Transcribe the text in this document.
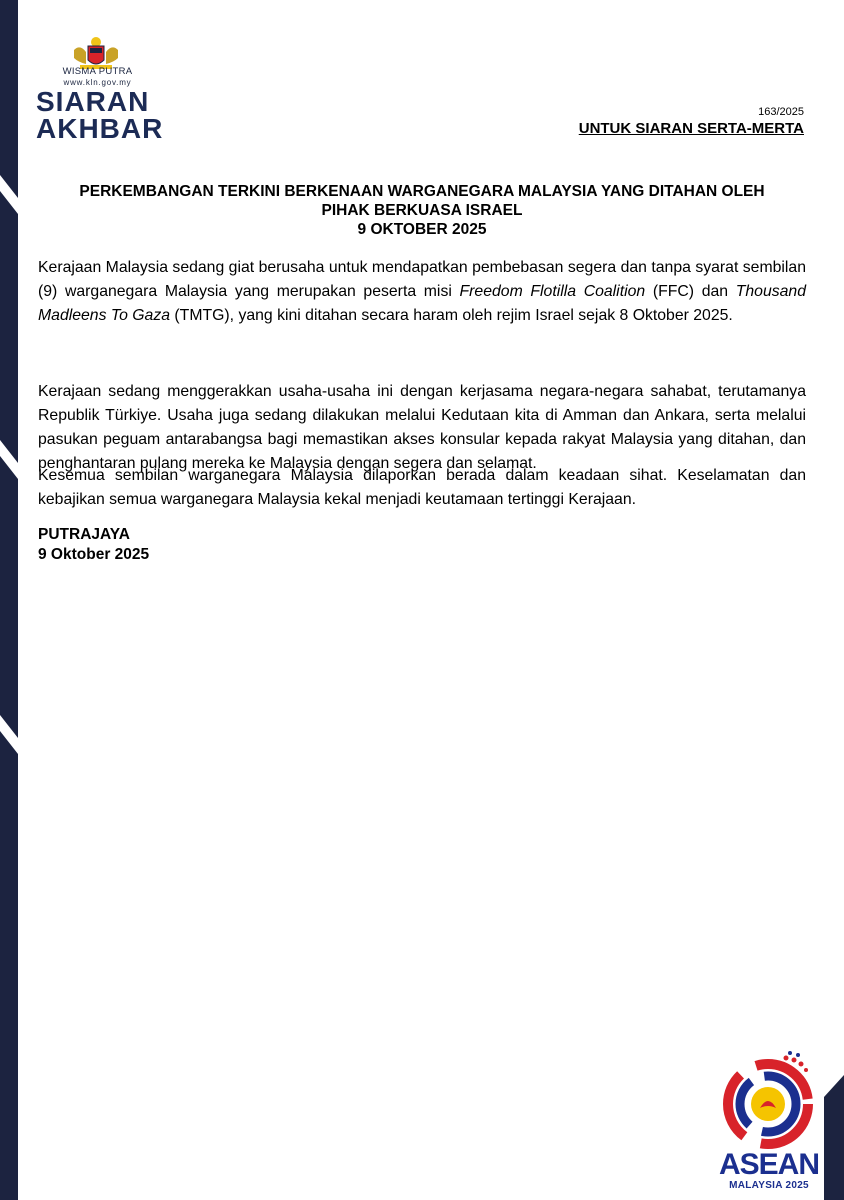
WISMA PUTRA
www.kln.gov.my
SIARAN
AKHBAR
163/2025
UNTUK SIARAN SERTA-MERTA
PERKEMBANGAN TERKINI BERKENAAN WARGANEGARA MALAYSIA YANG DITAHAN OLEH
PIHAK BERKUASA ISRAEL
9 OKTOBER 2025

Kerajaan Malaysia sedang giat berusaha untuk mendapatkan pembebasan segera dan tanpa syarat sembilan (9) warganegara Malaysia yang merupakan peserta misi Freedom Flotilla Coalition (FFC) dan Thousand Madleens To Gaza (TMTG), yang kini ditahan secara haram oleh rejim Israel sejak 8 Oktober 2025.

Kerajaan sedang menggerakkan usaha-usaha ini dengan kerjasama negara-negara sahabat, terutamanya Republik Türkiye. Usaha juga sedang dilakukan melalui Kedutaan kita di Amman dan Ankara, serta melalui pasukan peguam antarabangsa bagi memastikan akses konsular kepada rakyat Malaysia yang ditahan, dan penghantaran pulang mereka ke Malaysia dengan segera dan selamat.

Kesemua sembilan warganegara Malaysia dilaporkan berada dalam keadaan sihat. Keselamatan dan kebajikan semua warganegara Malaysia kekal menjadi keutamaan tertinggi Kerajaan.

PUTRAJAYA
9 Oktober 2025
ASEAN
MALAYSIA 2025
